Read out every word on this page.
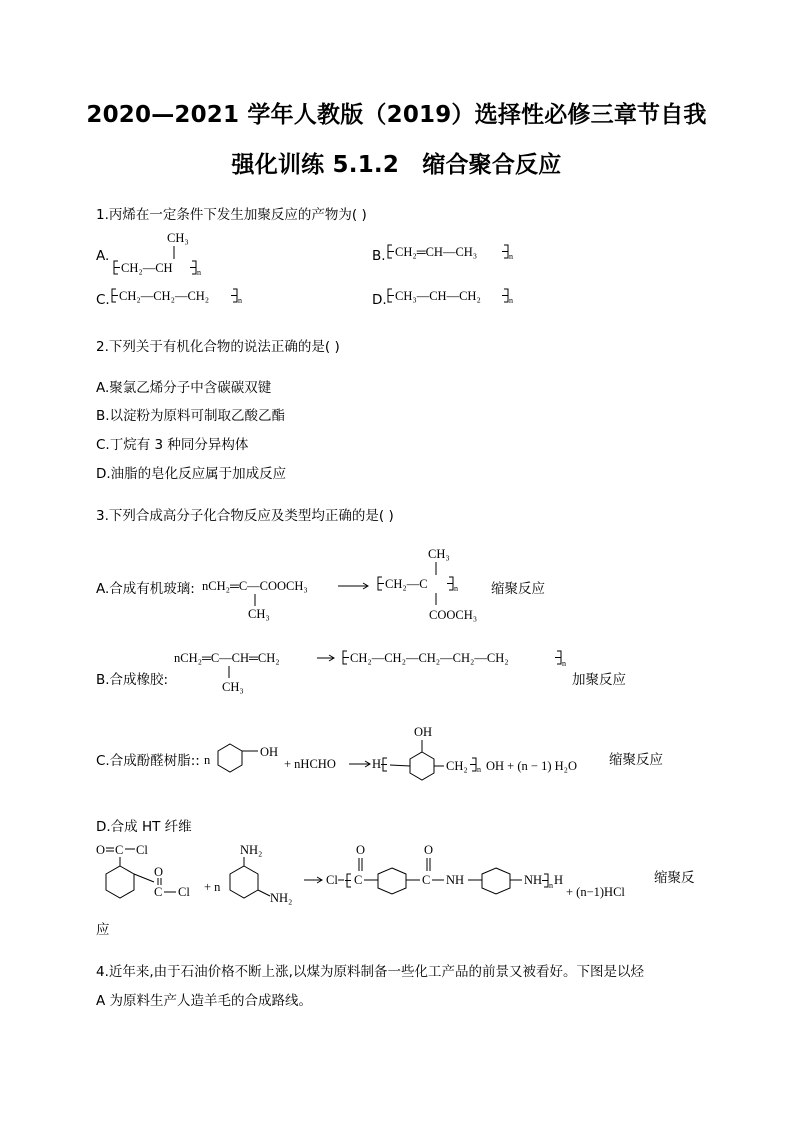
2020—2021 学年人教版（2019）选择性必修三章节自我
强化训练 5.1.2　缩合聚合反应
1.丙烯在一定条件下发生加聚反应的产物为( )
A.
CH₃
CH₂—CH	n
B. CH₂═CH—CH₃	n
C. CH₂—CH₂—CH₂	n	D. CH₃—CH—CH₂	n
2.下列关于有机化合物的说法正确的是( )
A.聚氯乙烯分子中含碳碳双键
B.以淀粉为原料可制取乙酸乙酯
C.丁烷有 3 种同分异构体
D.油脂的皂化反应属于加成反应
3.下列合成高分子化合物反应及类型均正确的是( )
A.合成有机玻璃: nCH₂═C—COOCH₃
CH₃
CH₃
CH₂—C	n
COOCH₃
缩聚反应
B.合成橡胶:
nCH₂═C—CH═CH₂
CH₃
CH₂—CH₂—CH₂—CH₂—CH₂	n
加聚反应
C.合成酚醛树脂:: n
OH
+ nHCHO	H
OH
CH₂ n OH + (n − 1) H₂O 缩聚反应
D.合成 HT 纤维
O C Cl
O
C Cl + n
NH₂
NH₂
Cl C
O
C
O
NH	NH n H
+ (n−1)HCl
缩聚反
应
4.近年来,由于石油价格不断上涨,以煤为原料制备一些化工产品的前景又被看好。下图是以烃
A 为原料生产人造羊毛的合成路线。
